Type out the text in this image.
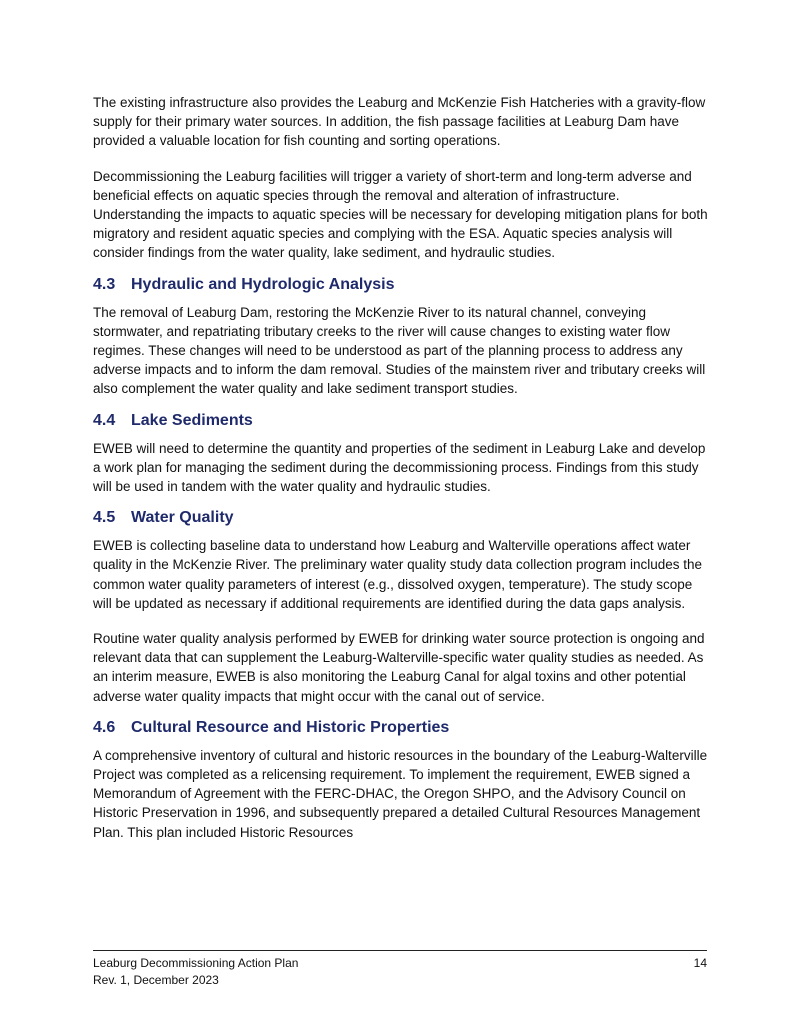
The existing infrastructure also provides the Leaburg and McKenzie Fish Hatcheries with a gravity-flow supply for their primary water sources. In addition, the fish passage facilities at Leaburg Dam have provided a valuable location for fish counting and sorting operations.

Decommissioning the Leaburg facilities will trigger a variety of short-term and long-term adverse and beneficial effects on aquatic species through the removal and alteration of infrastructure. Understanding the impacts to aquatic species will be necessary for developing mitigation plans for both migratory and resident aquatic species and complying with the ESA. Aquatic species analysis will consider findings from the water quality, lake sediment, and hydraulic studies.

4.3 Hydraulic and Hydrologic Analysis

The removal of Leaburg Dam, restoring the McKenzie River to its natural channel, conveying stormwater, and repatriating tributary creeks to the river will cause changes to existing water flow regimes. These changes will need to be understood as part of the planning process to address any adverse impacts and to inform the dam removal. Studies of the mainstem river and tributary creeks will also complement the water quality and lake sediment transport studies.

4.4 Lake Sediments

EWEB will need to determine the quantity and properties of the sediment in Leaburg Lake and develop a work plan for managing the sediment during the decommissioning process. Findings from this study will be used in tandem with the water quality and hydraulic studies.

4.5 Water Quality

EWEB is collecting baseline data to understand how Leaburg and Walterville operations affect water quality in the McKenzie River. The preliminary water quality study data collection program includes the common water quality parameters of interest (e.g., dissolved oxygen, temperature). The study scope will be updated as necessary if additional requirements are identified during the data gaps analysis.

Routine water quality analysis performed by EWEB for drinking water source protection is ongoing and relevant data that can supplement the Leaburg-Walterville-specific water quality studies as needed. As an interim measure, EWEB is also monitoring the Leaburg Canal for algal toxins and other potential adverse water quality impacts that might occur with the canal out of service.

4.6 Cultural Resource and Historic Properties

A comprehensive inventory of cultural and historic resources in the boundary of the Leaburg-Walterville Project was completed as a relicensing requirement. To implement the requirement, EWEB signed a Memorandum of Agreement with the FERC-DHAC, the Oregon SHPO, and the Advisory Council on Historic Preservation in 1996, and subsequently prepared a detailed Cultural Resources Management Plan. This plan included Historic Resources

Leaburg Decommissioning Action Plan	14
Rev. 1, December 2023
